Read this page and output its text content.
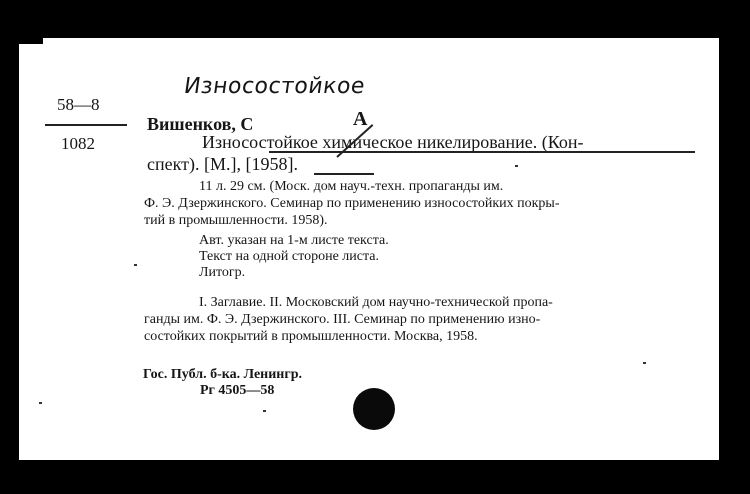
Износостойкое
58—8
1082
Вишенков, С	А
Износостойкое химическое никелирование. (Кон-
спект). [М.], [1958].
11 л. 29 см. (Моск. дом науч.-техн. пропаганды им.
Ф. Э. Дзержинского. Семинар по применению износостойких покры-
тий в промышленности. 1958).
Авт. указан на 1-м листе текста.
Текст на одной стороне листа.
Литогр.
I. Заглавие. II. Московский дом научно-технической пропа-
ганды им. Ф. Э. Дзержинского. III. Семинар по применению изно-
состойких покрытий в промышленности. Москва, 1958.
Гос. Публ. б-ка. Ленингр.
Рг 4505—58
